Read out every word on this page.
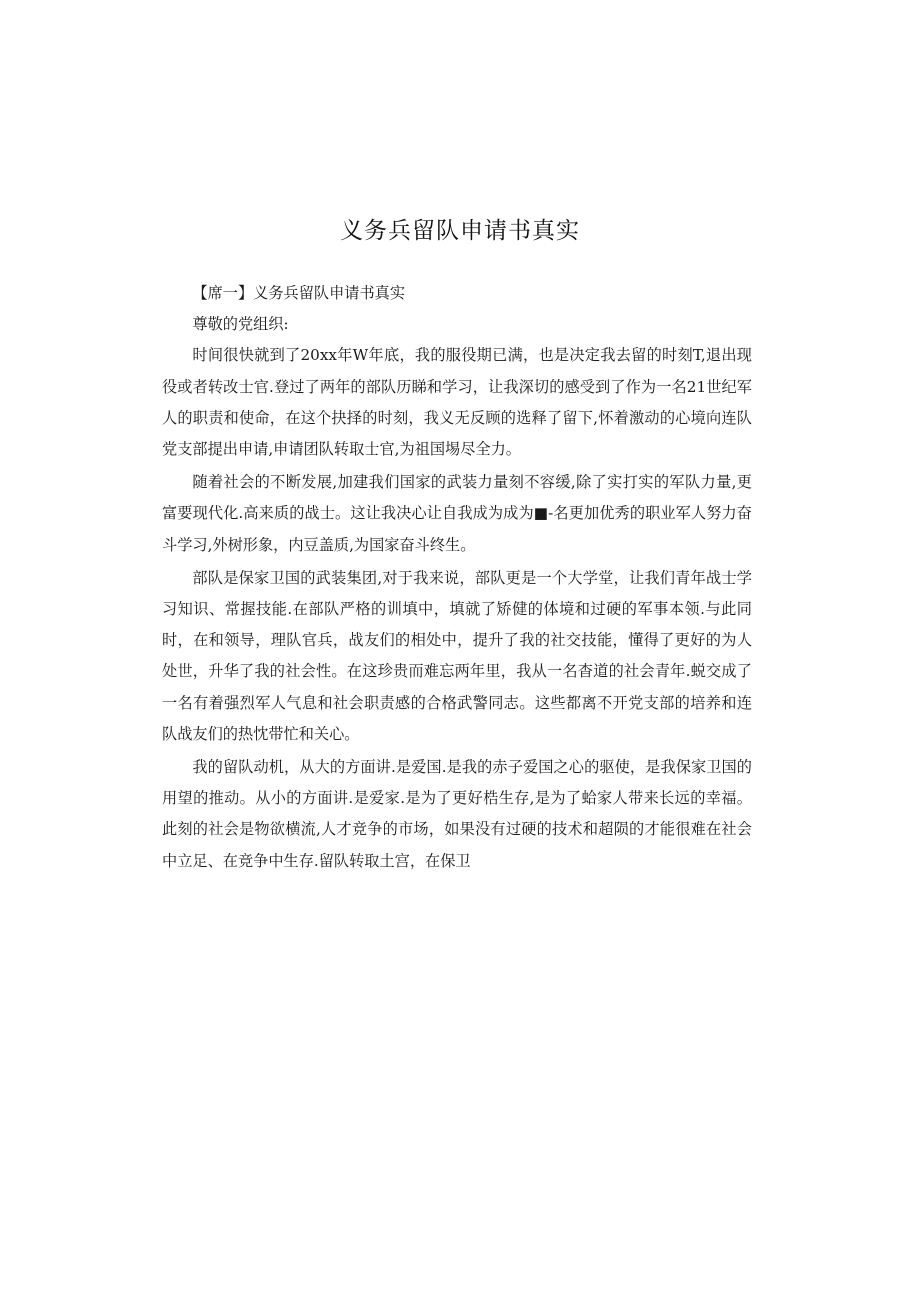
义务兵留队申请书真实

【席一】义务兵留队申请书真实

尊敬的党组织:

时间很快就到了20xx年W年底，我的服役期已满，也是决定我去留的时刻T,退出现役或者转改士官.登过了两年的部队历睇和学习，让我深切的感受到了作为一名21世纪军人的职责和使命，在这个抉择的时刻，我义无反顾的选释了留下,怀着激动的心境向连队党支部提出申请,申请团队转取士官,为祖国埸尽全力。

随着社会的不断发展,加建我们国家的武装力量刻不容缓,除了实打实的军队力量,更富要现代化.高来质的战士。这让我决心让自我成为成为■-名更加优秀的职业军人努力奋斗学习,外树形象，内豆盖质,为国家奋斗终生。

部队是保家卫国的武装集团,对于我来说，部队更是一个大学堂，让我们青年战士学习知识、常握技能.在部队严格的训填中，填就了矫健的体境和过硬的军事本领.与此同时，在和领导，理队官兵，战友们的相处中，提升了我的社交技能，懂得了更好的为人处世，升华了我的社会性。在这珍贵而难忘两年里，我从一名杳道的社会青年.蜕交成了一名有着强烈军人气息和社会职责感的合格武警同志。这些都离不开党支部的培养和连队战友们的热忱带忙和关心。

我的留队动机，从大的方面讲.是爱国.是我的赤子爱国之心的驱使，是我保家卫国的用望的推动。从小的方面讲.是爱家.是为了更好梏生存,是为了蛤家人带来长远的幸福。此刻的社会是物欲横流,人才竞争的市场，如果没有过硬的技术和超陨的才能很难在社会中立足、在竞争中生存.留队转取土宫，在保卫
